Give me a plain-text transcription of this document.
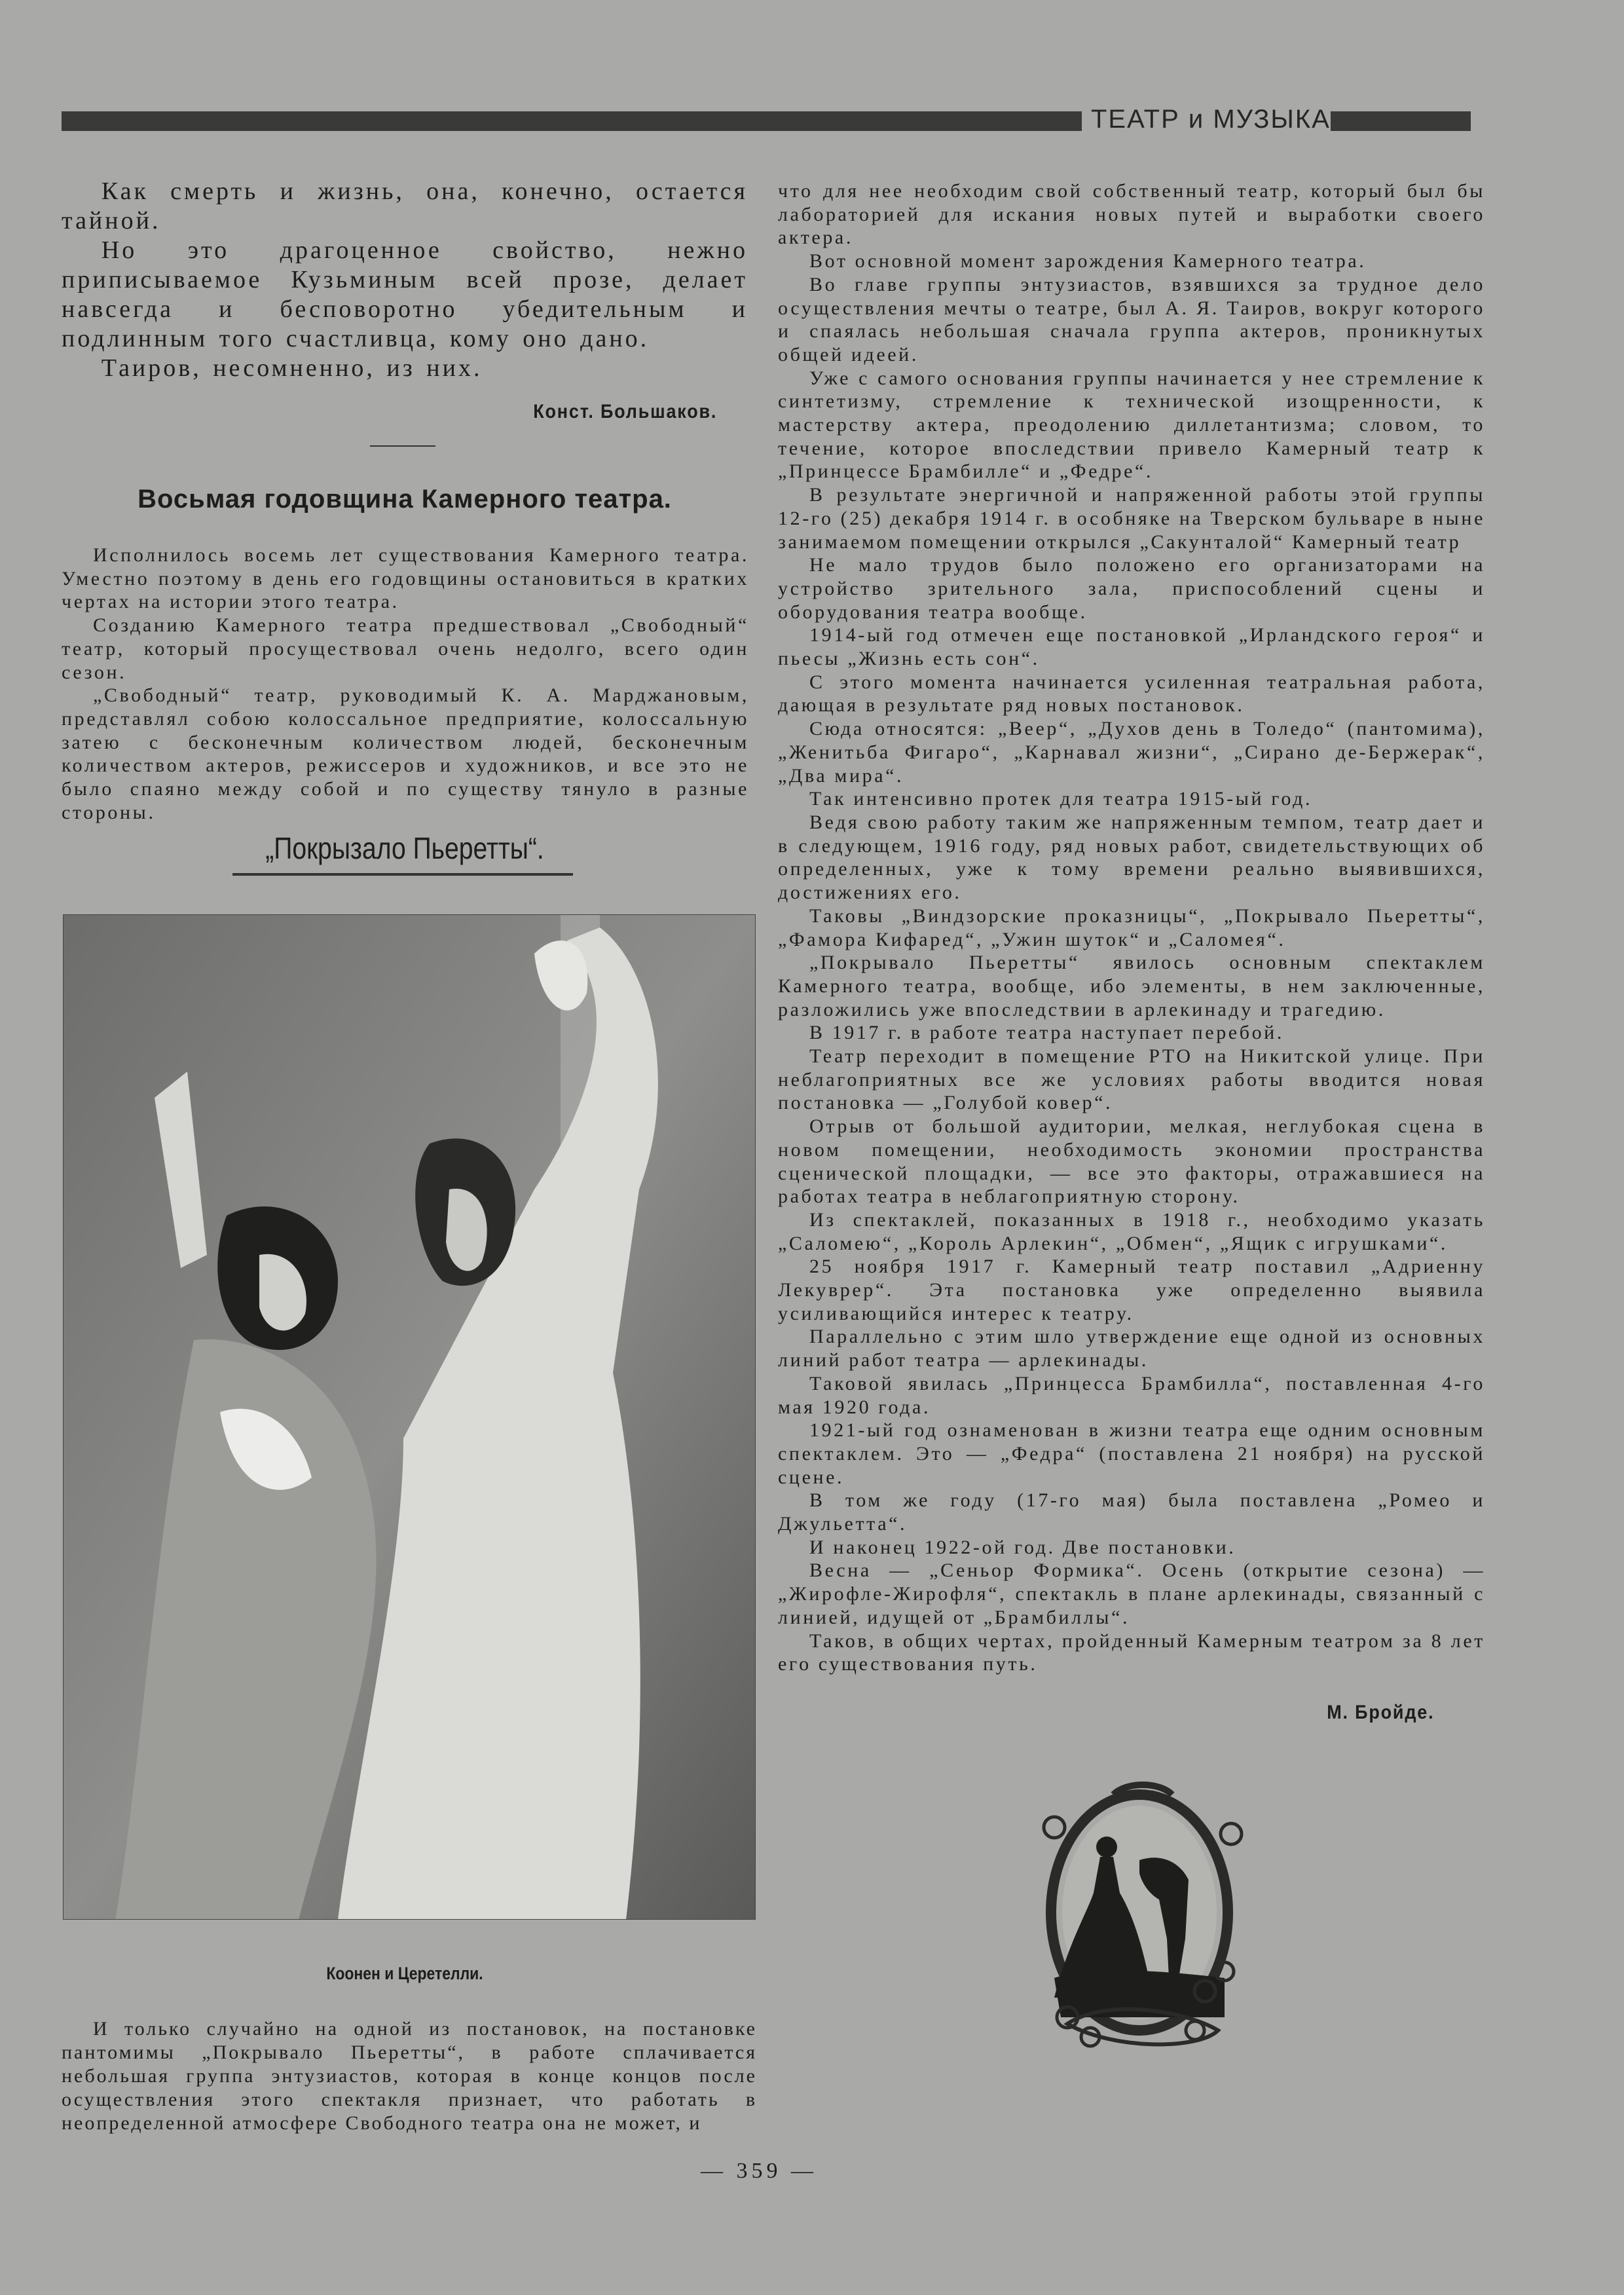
ТЕАТР и МУЗЫКА

Как смерть и жизнь, она, конечно, остается тайной.

Но это драгоценное свойство, нежно приписываемое Кузьминым всей прозе, делает навсегда и бесповоротно убедительным и подлинным того счастливца, кому оно дано.

Таиров, несомненно, из них.

Конст. Большаков.
Восьмая годовщина Камерного театра.

Исполнилось восемь лет существования Камерного театра. Уместно поэтому в день его годовщины остановиться в кратких чертах на истории этого театра.

Созданию Камерного театра предшествовал „Свободный“ театр, который просуществовал очень недолго, всего один сезон.

„Свободный“ театр, руководимый К. А. Марджановым, представлял собою колоссальное предприятие, колоссальную затею с бесконечным количеством людей, бесконечным количеством актеров, режиссеров и художников, и все это не было спаяно между собой и по существу тянуло в разные стороны.

„Покрызало Пьеретты“.
Коонен и Церетелли.

И только случайно на одной из постановок, на постановке пантомимы „Покрывало Пьеретты“, в работе сплачивается небольшая группа энтузиастов, которая в конце концов после осуществления этого спектакля признает, что работать в неопределенной атмосфере Свободного театра она не может, и

что для нее необходим свой собственный театр, который был бы лабораторией для искания новых путей и выработки своего актера.

Вот основной момент зарождения Камерного театра.

Во главе группы энтузиастов, взявшихся за трудное дело осуществления мечты о театре, был А. Я. Таиров, вокруг которого и спаялась небольшая сначала группа актеров, проникнутых общей идеей.

Уже с самого основания группы начинается у нее стремление к синтетизму, стремление к технической изощренности, к мастерству актера, преодолению диллетантизма; словом, то течение, которое впоследствии привело Камерный театр к „Принцессе Брамбилле“ и „Федре“.

В результате энергичной и напряженной работы этой группы 12-го (25) декабря 1914 г. в особняке на Тверском бульваре в ныне занимаемом помещении открылся „Сакунталой“ Камерный театр

Не мало трудов было положено его организаторами на устройство зрительного зала, приспособлений сцены и оборудования театра вообще.

1914-ый год отмечен еще постановкой „Ирландского героя“ и пьесы „Жизнь есть сон“.

С этого момента начинается усиленная театральная работа, дающая в результате ряд новых постановок.

Сюда относятся: „Веер“, „Духов день в Толедо“ (пантомима), „Женитьба Фигаро“, „Карнавал жизни“, „Сирано де-Бержерак“, „Два мира“.

Так интенсивно протек для театра 1915-ый год.

Ведя свою работу таким же напряженным темпом, театр дает и в следующем, 1916 году, ряд новых работ, свидетельствующих об определенных, уже к тому времени реально выявившихся, достижениях его.

Таковы „Виндзорские проказницы“, „Покрывало Пьеретты“, „Фамора Кифаред“, „Ужин шуток“ и „Саломея“.

„Покрывало Пьеретты“ явилось основным спектаклем Камерного театра, вообще, ибо элементы, в нем заключенные, разложились уже впоследствии в арлекинаду и трагедию.

В 1917 г. в работе театра наступает перебой.

Театр переходит в помещение РТО на Никитской улице. При неблагоприятных все же условиях работы вводится новая постановка — „Голубой ковер“.

Отрыв от большой аудитории, мелкая, неглубокая сцена в новом помещении, необходимость экономии пространства сценической площадки, — все это факторы, отражавшиеся на работах театра в неблагоприятную сторону.

Из спектаклей, показанных в 1918 г., необходимо указать „Саломею“, „Король Арлекин“, „Обмен“, „Ящик с игрушками“.

25 ноября 1917 г. Камерный театр поставил „Адриенну Лекуврер“. Эта постановка уже определенно выявила усиливающийся интерес к театру.

Параллельно с этим шло утверждение еще одной из основных линий работ театра — арлекинады.

Таковой явилась „Принцесса Брамбилла“, поставленная 4-го мая 1920 года.

1921-ый год ознаменован в жизни театра еще одним основным спектаклем. Это — „Федра“ (поставлена 21 ноября) на русской сцене.

В том же году (17-го мая) была поставлена „Ромео и Джульетта“.

И наконец 1922-ой год. Две постановки.

Весна — „Сеньор Формика“. Осень (открытие сезона) — „Жирофле-Жирофля“, спектакль в плане арлекинады, связанный с линией, идущей от „Брамбиллы“.

Таков, в общих чертах, пройденный Камерным театром за 8 лет его существования путь.

М. Бройде.
— 359 —
